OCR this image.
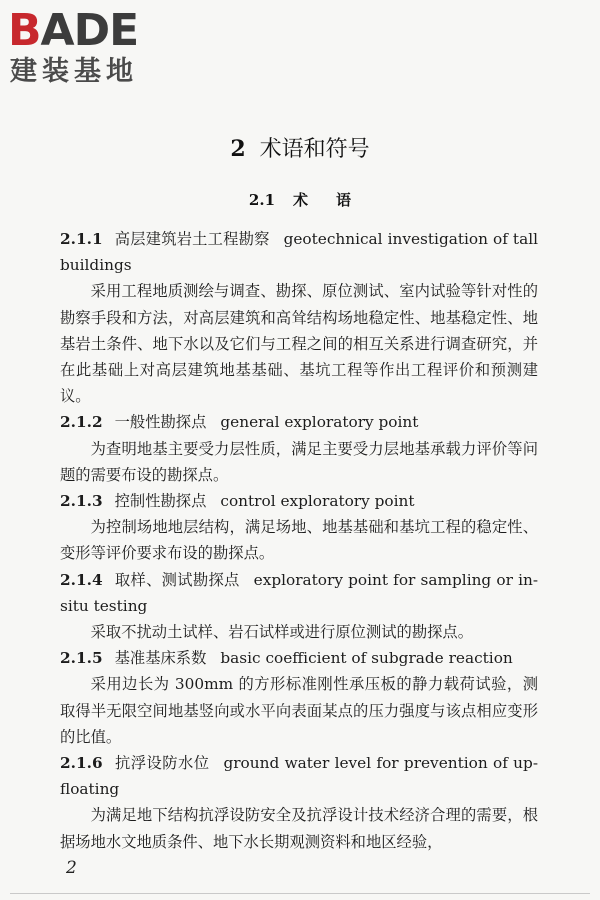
BADE
建装基地
2 术语和符号
2.1 术 语

2.1.1 高层建筑岩土工程勘察 geotechnical investigation of tall buildings

采用工程地质测绘与调查、勘探、原位测试、室内试验等针对性的勘察手段和方法，对高层建筑和高耸结构场地稳定性、地基稳定性、地基岩土条件、地下水以及它们与工程之间的相互关系进行调查研究，并在此基础上对高层建筑地基基础、基坑工程等作出工程评价和预测建议。

2.1.2 一般性勘探点 general exploratory point

为查明地基主要受力层性质，满足主要受力层地基承载力评价等问题的需要布设的勘探点。

2.1.3 控制性勘探点 control exploratory point

为控制场地地层结构，满足场地、地基基础和基坑工程的稳定性、变形等评价要求布设的勘探点。

2.1.4 取样、测试勘探点 exploratory point for sampling or in-situ testing

采取不扰动土试样、岩石试样或进行原位测试的勘探点。

2.1.5 基准基床系数 basic coefficient of subgrade reaction

采用边长为 300mm 的方形标准刚性承压板的静力载荷试验，测取得半无限空间地基竖向或水平向表面某点的压力强度与该点相应变形的比值。

2.1.6 抗浮设防水位 ground water level for prevention of up-floating

为满足地下结构抗浮设防安全及抗浮设计技术经济合理的需要，根据场地水文地质条件、地下水长期观测资料和地区经验，

2
